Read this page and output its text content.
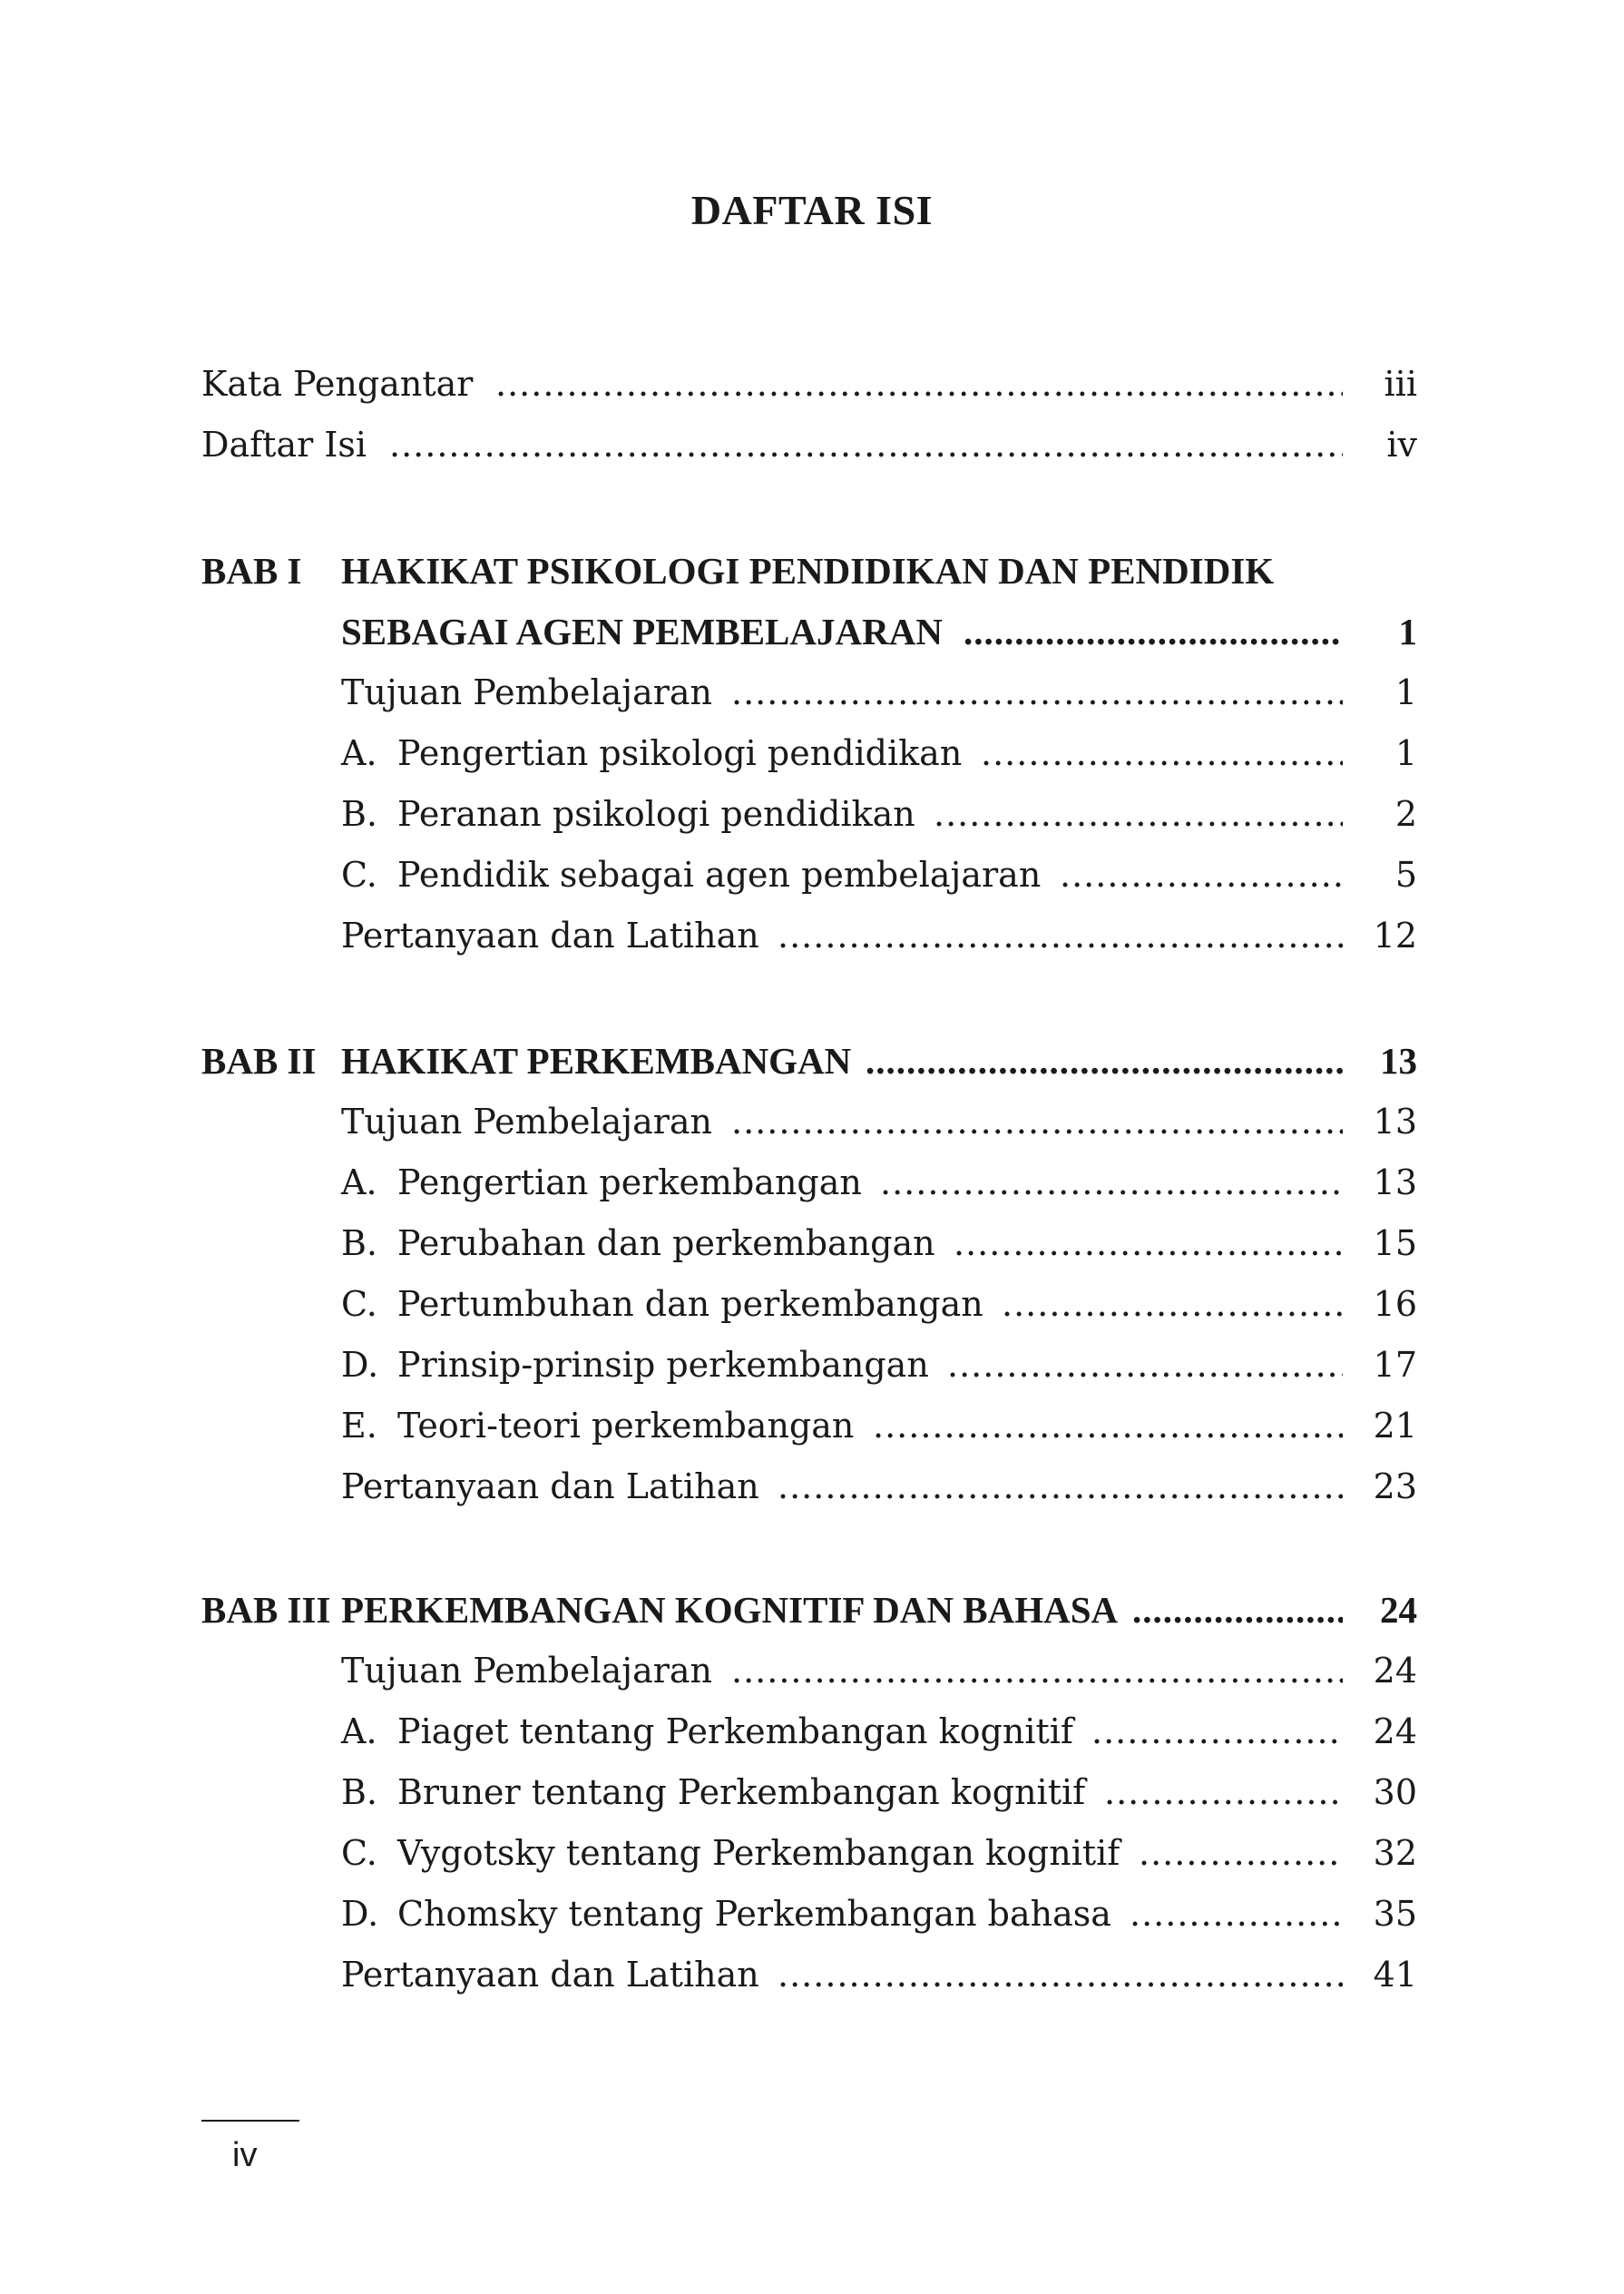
DAFTAR ISI
Kata Pengantar .....	iii
Daftar Isi .....	iv
BAB I HAKIKAT PSIKOLOGI PENDIDIKAN DAN PENDIDIK
SEBAGAI AGEN PEMBELAJARAN .....	1
Tujuan Pembelajaran .....	1
A. Pengertian psikologi pendidikan .....	1
B. Peranan psikologi pendidikan .....	2
C. Pendidik sebagai agen pembelajaran .....	5
Pertanyaan dan Latihan .....	12
BAB II HAKIKAT PERKEMBANGAN .....	13
Tujuan Pembelajaran .....	13
A. Pengertian perkembangan .....	13
B. Perubahan dan perkembangan .....	15
C. Pertumbuhan dan perkembangan .....	16
D. Prinsip-prinsip perkembangan .....	17
E. Teori-teori perkembangan .....	21
Pertanyaan dan Latihan .....	23
BAB III PERKEMBANGAN KOGNITIF DAN BAHASA .....	24
Tujuan Pembelajaran .....	24
A. Piaget tentang Perkembangan kognitif .....	24
B. Bruner tentang Perkembangan kognitif .....	30
C. Vygotsky tentang Perkembangan kognitif .....	32
D. Chomsky tentang Perkembangan bahasa .....	35
Pertanyaan dan Latihan .....	41
iv
